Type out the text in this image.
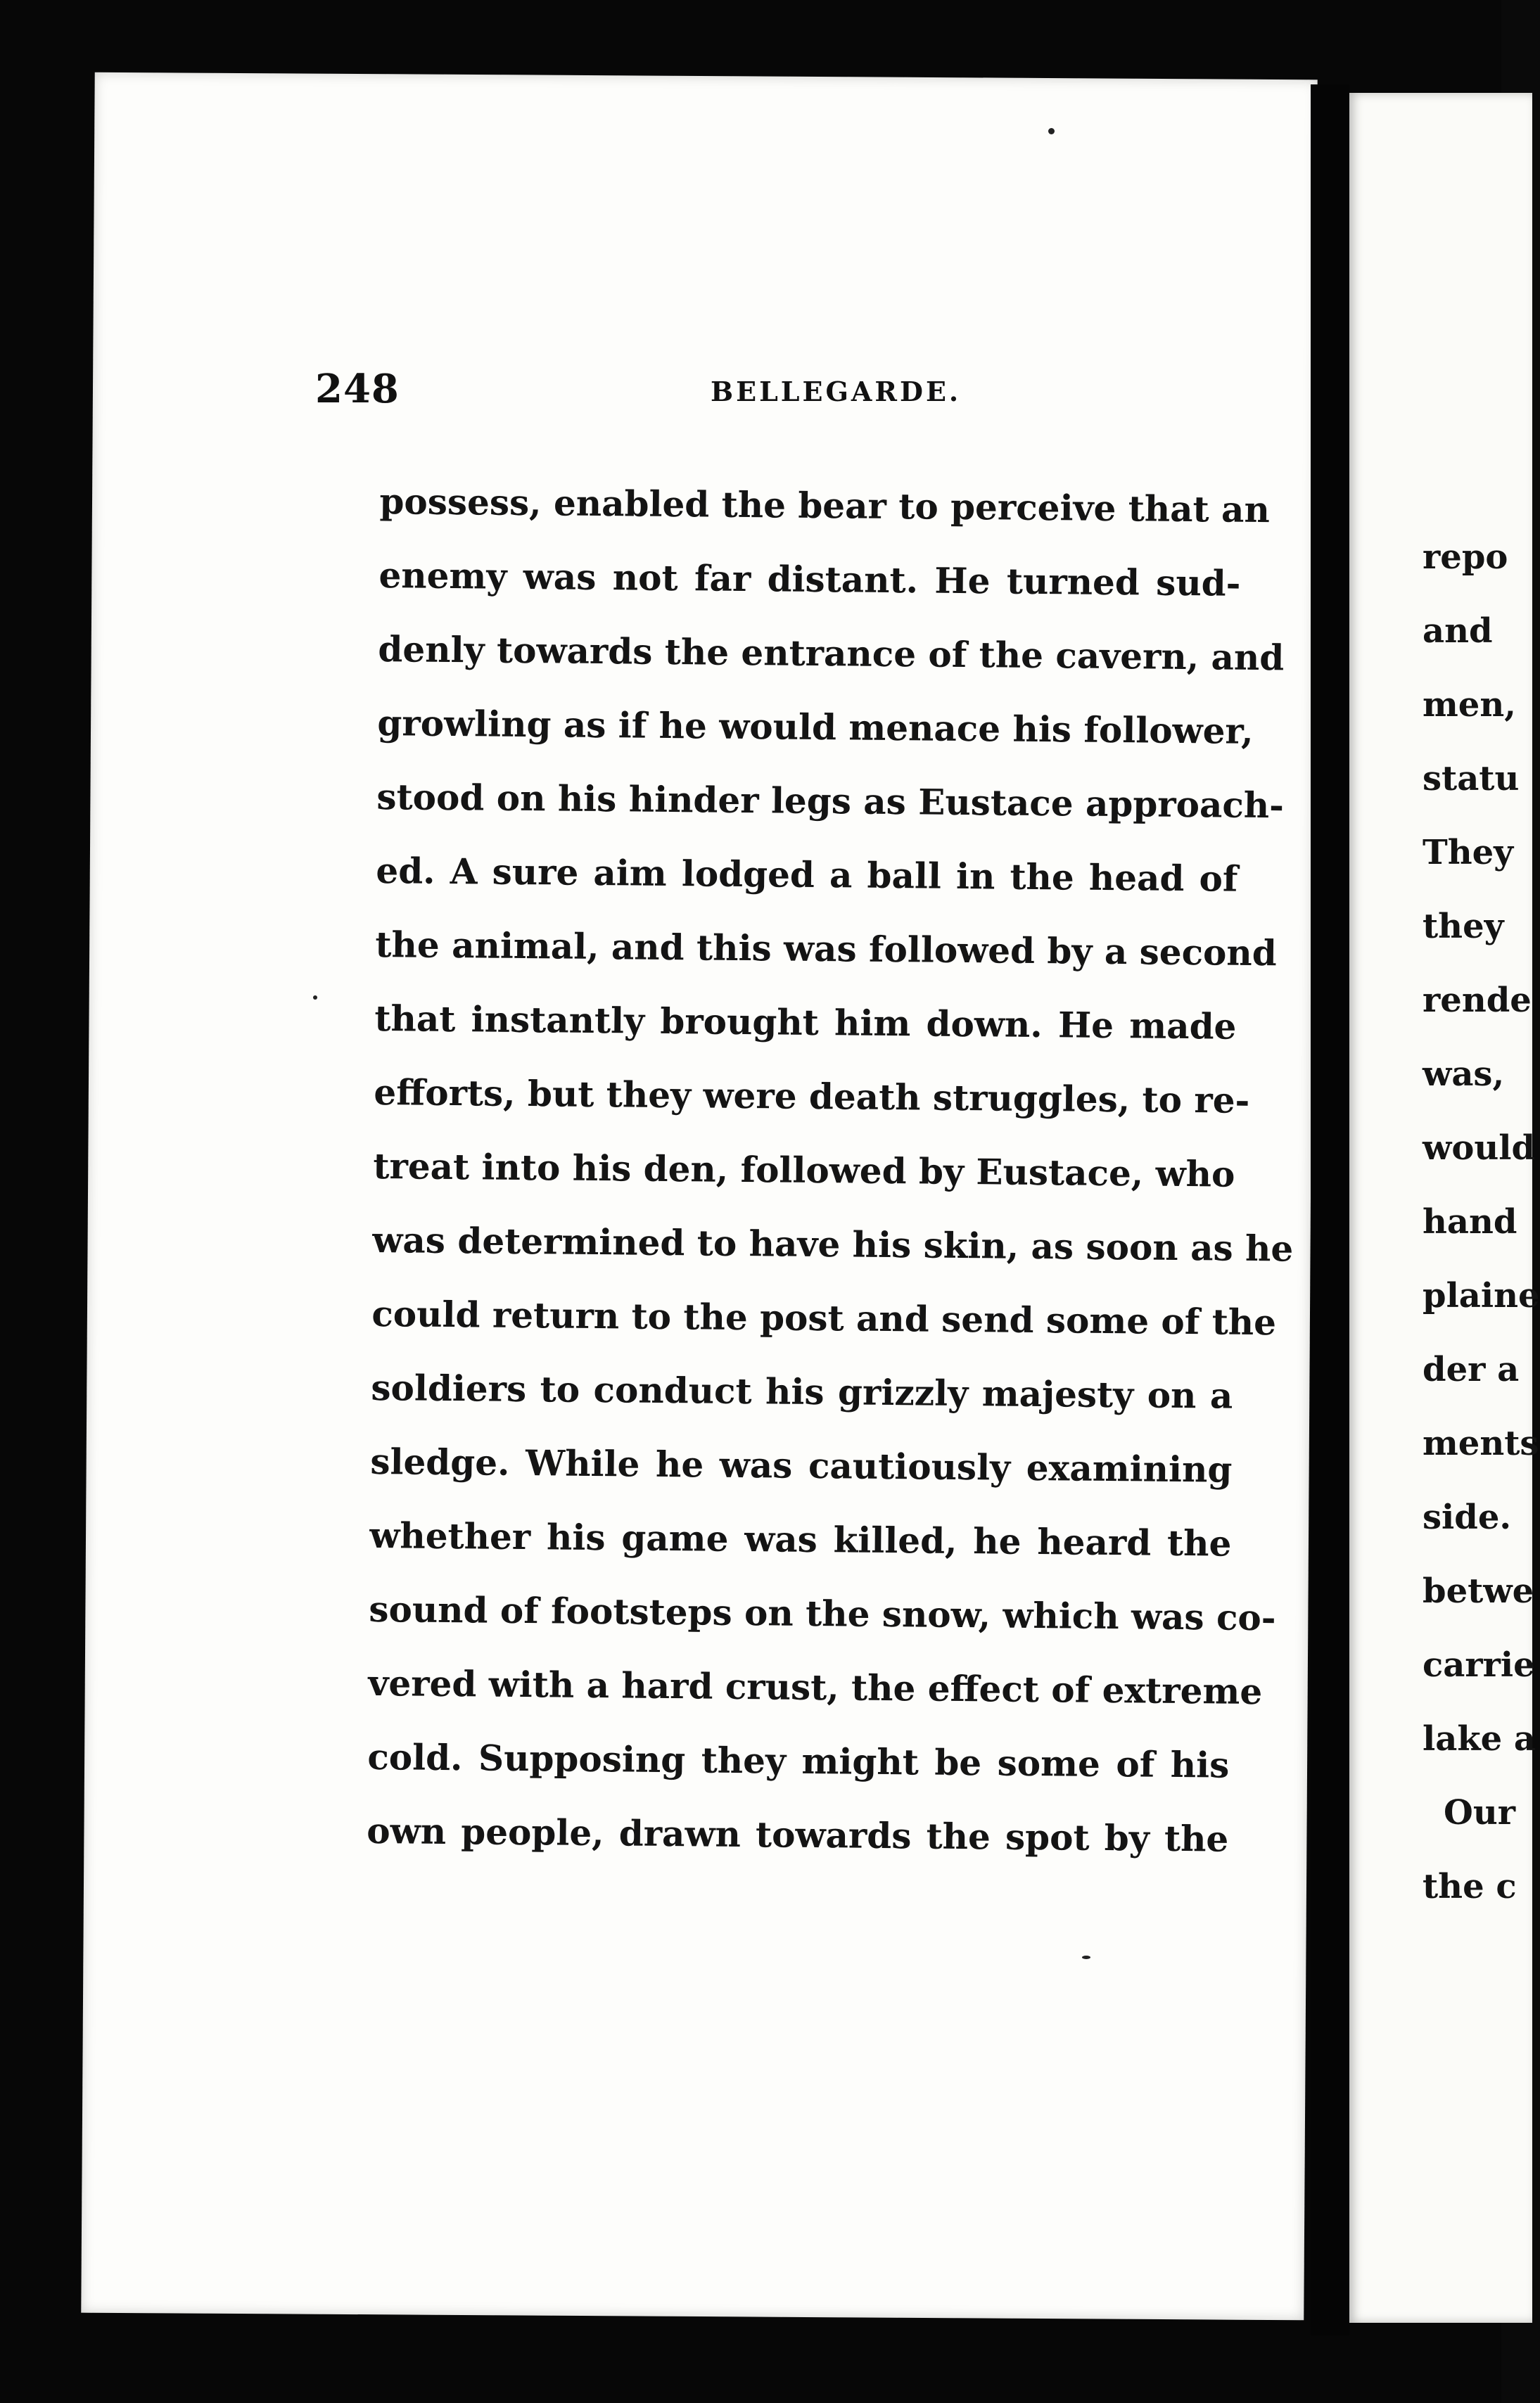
248	BELLEGARDE.
possess, enabled the bear to perceive that an
enemy was not far distant. He turned sud-
denly towards the entrance of the cavern, and
growling as if he would menace his follower,
stood on his hinder legs as Eustace approach-
ed. A sure aim lodged a ball in the head of
the animal, and this was followed by a second
that instantly brought him down. He made
efforts, but they were death struggles, to re-
treat into his den, followed by Eustace, who
was determined to have his skin, as soon as he
could return to the post and send some of the
soldiers to conduct his grizzly majesty on a
sledge. While he was cautiously examining
whether his game was killed, he heard the
sound of footsteps on the snow, which was co-
vered with a hard crust, the effect of extreme
cold. Supposing they might be some of his
own people, drawn towards the spot by the
repo
and
men,
statu
They
they
rende
was,
would
hand
plaine
der a
ments
side.
betwe
carrie
lake a
Our
the c
